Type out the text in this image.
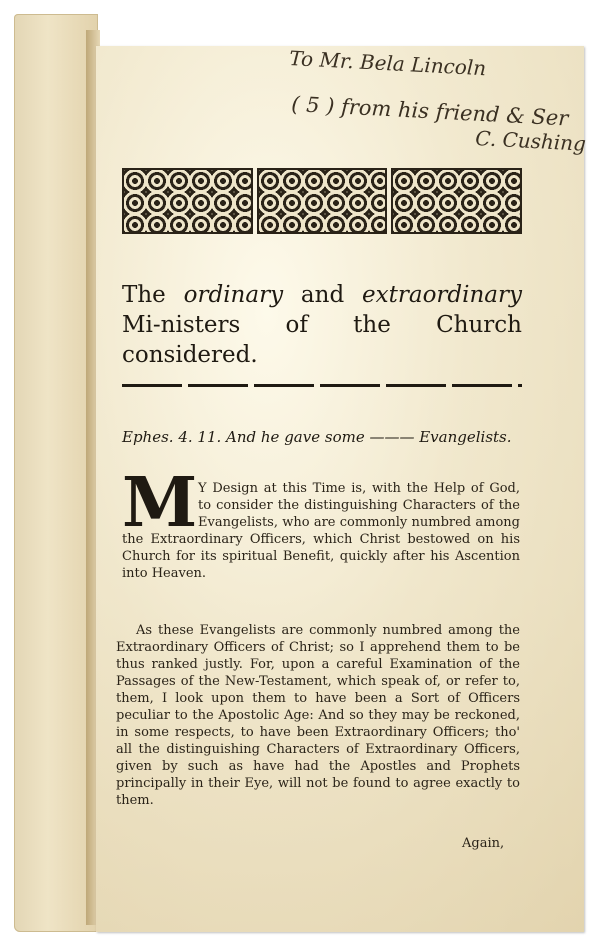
To Mr. Bela Lincoln
( 5 ) from his friend & Ser
C. Cushing
The ordinary and extraordinary Mi-nisters of the Church considered.
Ephes. 4. 11. And he gave some ——— Evangelists.
M Y Design at this Time is, with the Help of God, to consider the distinguishing Characters of the Evangelists, who are commonly numbred among the Extraordinary Officers, which Christ bestowed on his Church for its spiritual Benefit, quickly after his Ascention into Heaven.
As these Evangelists are commonly numbred among the Extraordinary Officers of Christ; so I apprehend them to be thus ranked justly. For, upon a careful Examination of the Passages of the New-Testament, which speak of, or refer to, them, I look upon them to have been a Sort of Officers peculiar to the Apostolic Age: And so they may be reckoned, in some respects, to have been Extraordinary Officers; tho' all the distinguishing Characters of Extraordinary Officers, given by such as have had the Apostles and Prophets principally in their Eye, will not be found to agree exactly to them.
Again,
